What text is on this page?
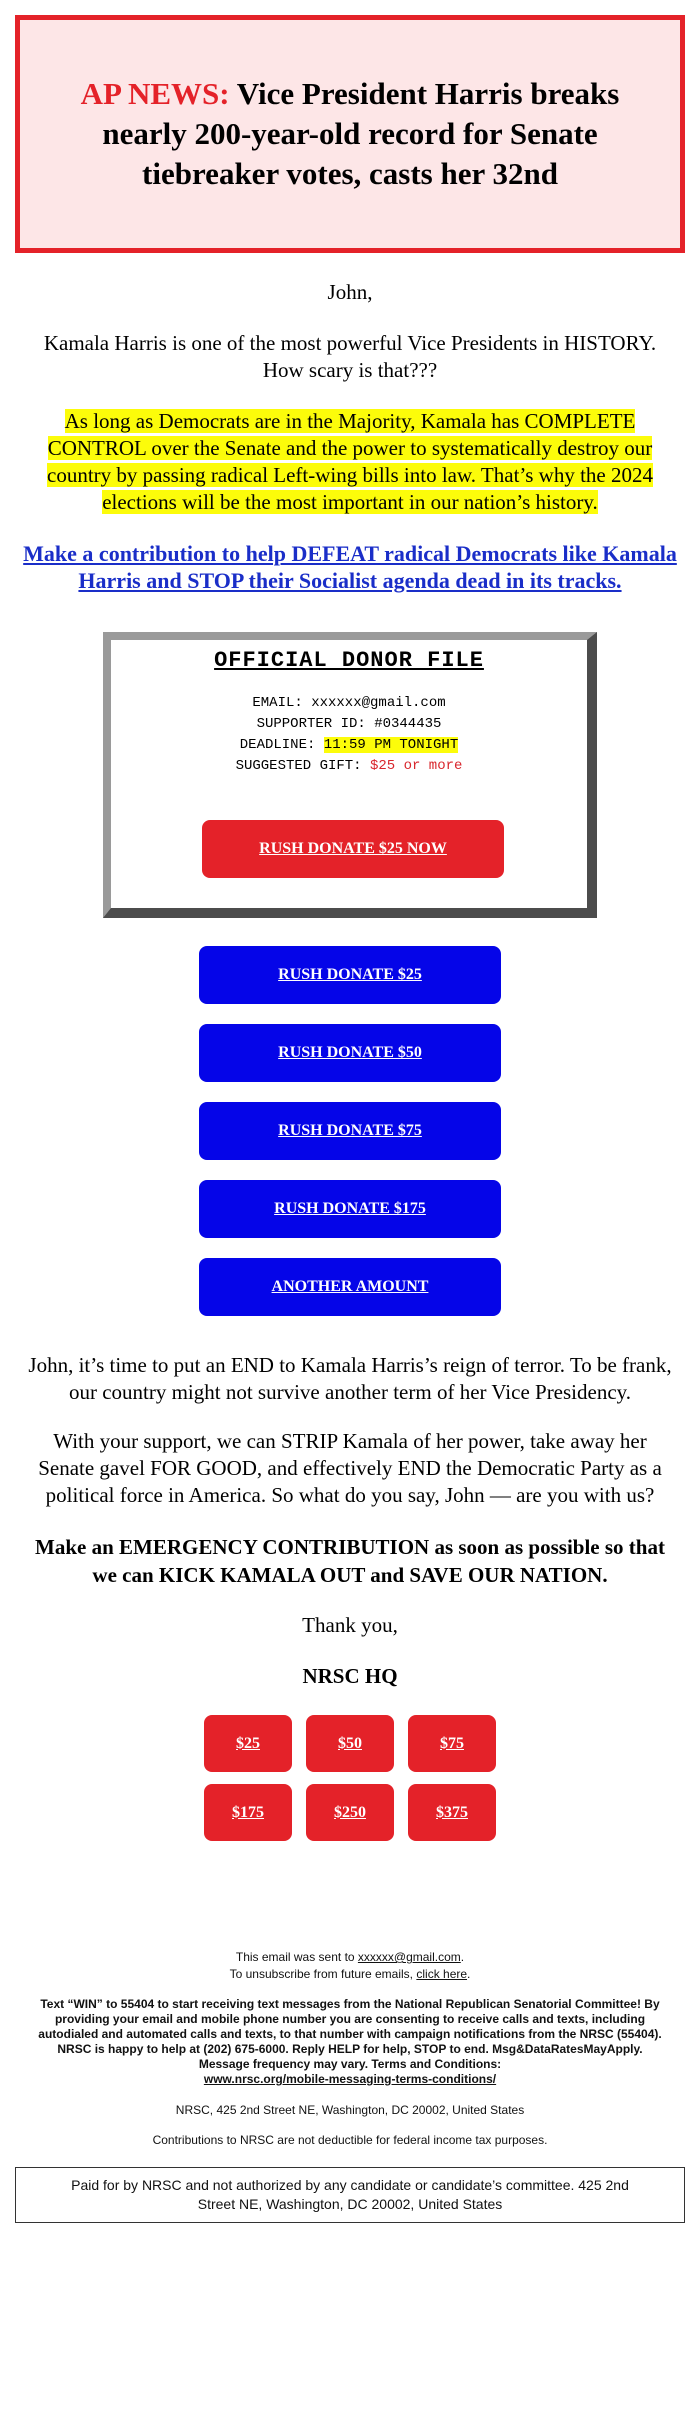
AP NEWS: Vice President Harris breaks nearly 200-year-old record for Senate tiebreaker votes, casts her 32nd

John,

Kamala Harris is one of the most powerful Vice Presidents in HISTORY. How scary is that???

As long as Democrats are in the Majority, Kamala has COMPLETE CONTROL over the Senate and the power to systematically destroy our country by passing radical Left-wing bills into law. That’s why the 2024 elections will be the most important in our nation’s history.

Make a contribution to help DEFEAT radical Democrats like Kamala Harris and STOP their Socialist agenda dead in its tracks.
OFFICIAL DONOR FILE
EMAIL: xxxxxx@gmail.com
SUPPORTER ID: #0344435
DEADLINE: 11:59 PM TONIGHT
SUGGESTED GIFT: $25 or more
RUSH DONATE $25 NOW
RUSH DONATE $25
RUSH DONATE $50
RUSH DONATE $75
RUSH DONATE $175
ANOTHER AMOUNT

John, it’s time to put an END to Kamala Harris’s reign of terror. To be frank, our country might not survive another term of her Vice Presidency.

With your support, we can STRIP Kamala of her power, take away her Senate gavel FOR GOOD, and effectively END the Democratic Party as a political force in America. So what do you say, John — are you with us?

Make an EMERGENCY CONTRIBUTION as soon as possible so that we can KICK KAMALA OUT and SAVE OUR NATION.

Thank you,

NRSC HQ

$25	$50	$75
$175	$250	$375
This email was sent to xxxxxx@gmail.com.
To unsubscribe from future emails, click here.
Text “WIN” to 55404 to start receiving text messages from the National Republican Senatorial Committee! By providing your email and mobile phone number you are consenting to receive calls and texts, including autodialed and automated calls and texts, to that number with campaign notifications from the NRSC (55404). NRSC is happy to help at (202) 675-6000. Reply HELP for help, STOP to end. Msg&DataRatesMayApply. Message frequency may vary. Terms and Conditions:
www.nrsc.org/mobile-messaging-terms-conditions/
NRSC, 425 2nd Street NE, Washington, DC 20002, United States
Contributions to NRSC are not deductible for federal income tax purposes.
Paid for by NRSC and not authorized by any candidate or candidate’s committee. 425 2nd Street NE, Washington, DC 20002, United States
